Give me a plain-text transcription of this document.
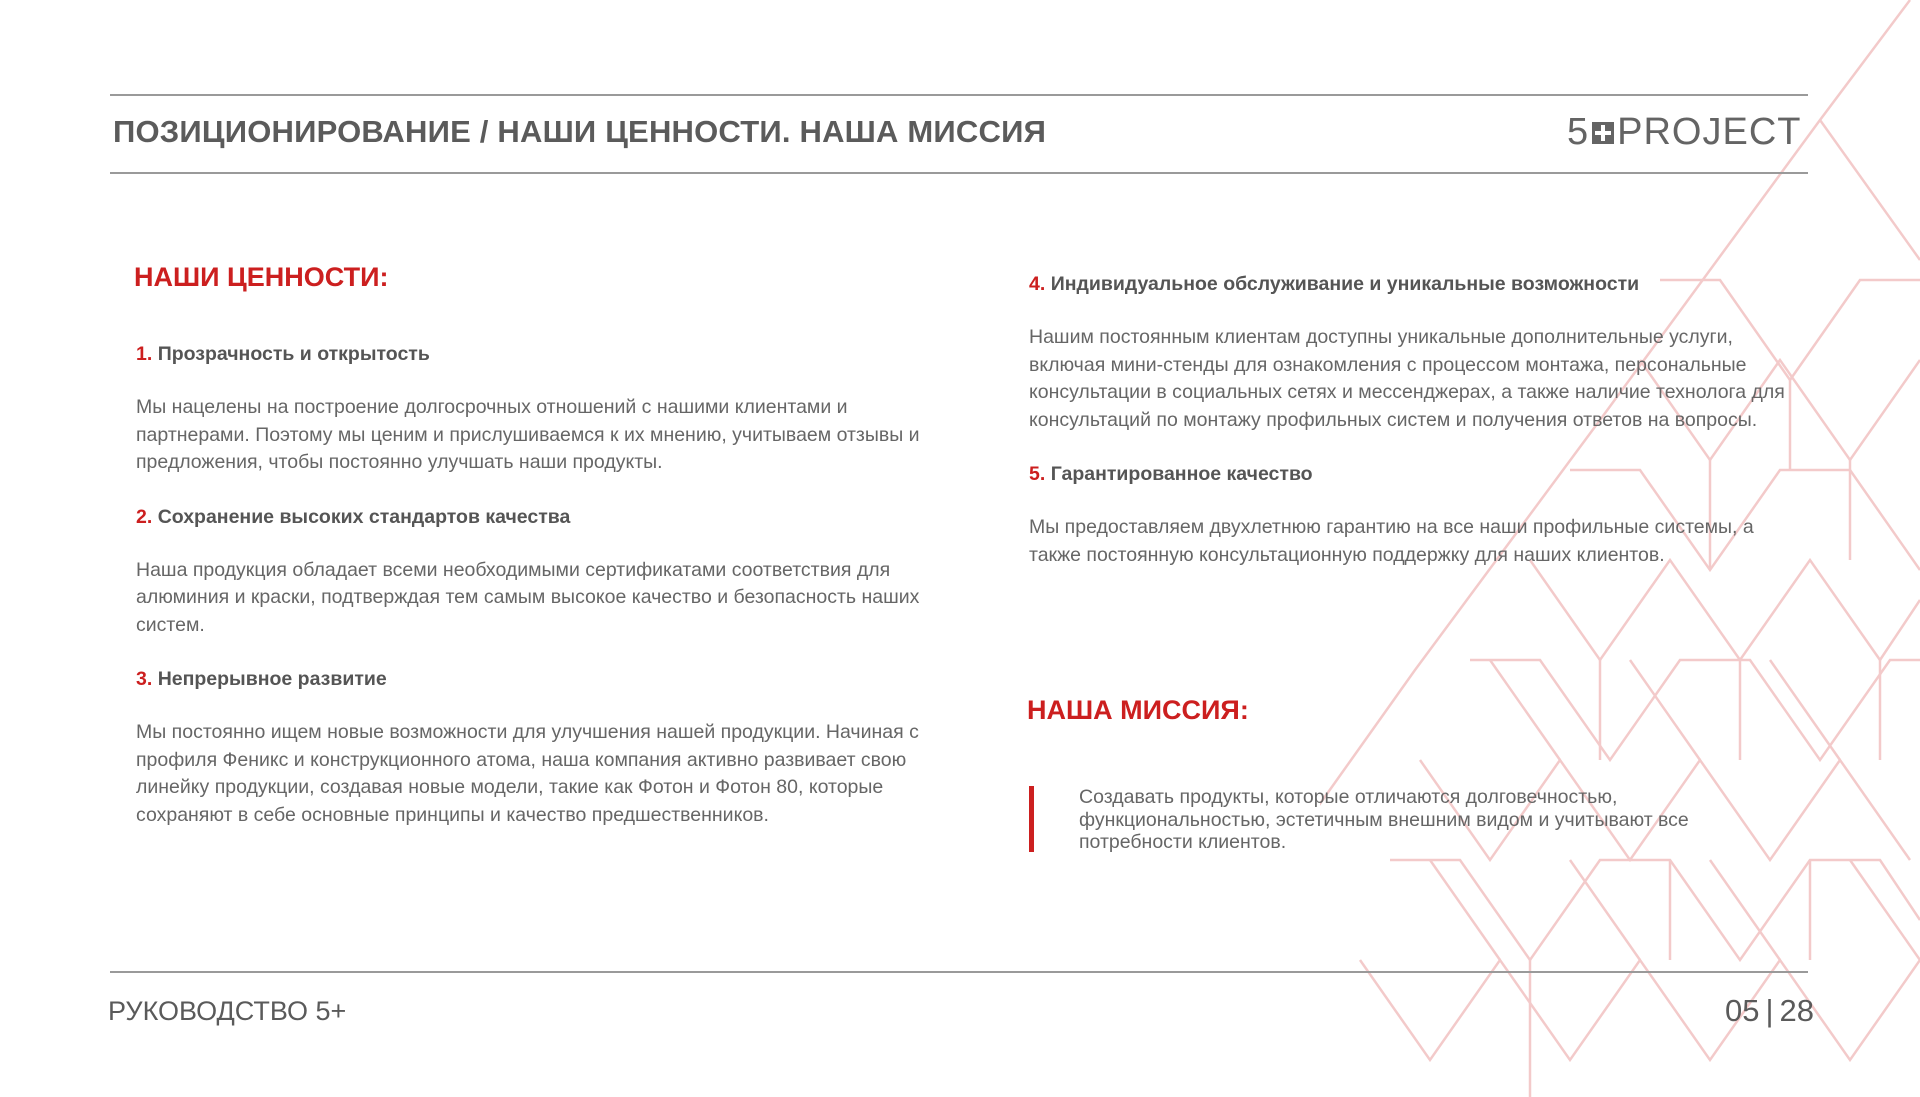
ПОЗИЦИОНИРОВАНИЕ / НАШИ ЦЕННОСТИ. НАША МИССИЯ	5 PROJECT
НАШИ ЦЕННОСТИ:

1. Прозрачность и открытость

Мы нацелены на построение долгосрочных отношений с нашими клиентами и партнерами. Поэтому мы ценим и прислушиваемся к их мнению, учитываем отзывы и предложения, чтобы постоянно улучшать наши продукты.

2. Сохранение высоких стандартов качества

Наша продукция обладает всеми необходимыми сертификатами соответствия для алюминия и краски, подтверждая тем самым высокое качество и безопасность наших систем.

3. Непрерывное развитие

Мы постоянно ищем новые возможности для улучшения нашей продукции. Начиная с профиля Феникс и конструкционного атома, наша компания активно развивает свою линейку продукции, создавая новые модели, такие как Фотон и Фотон 80, которые сохраняют в себе основные принципы и качество предшественников.

4. Индивидуальное обслуживание и уникальные возможности

Нашим постоянным клиентам доступны уникальные дополнительные услуги, включая мини-стенды для ознакомления с процессом монтажа, персональные консультации в социальных сетях и мессенджерах, а также наличие технолога для консультаций по монтажу профильных систем и получения ответов на вопросы.

5. Гарантированное качество

Мы предоставляем двухлетнюю гарантию на все наши профильные системы, а также постоянную консультационную поддержку для наших клиентов.

НАША МИССИЯ:
Создавать продукты, которые отличаются долговечностью, функциональностью, эстетичным внешним видом и учитывают все потребности клиентов.
РУКОВОДСТВО 5+	05 | 28
